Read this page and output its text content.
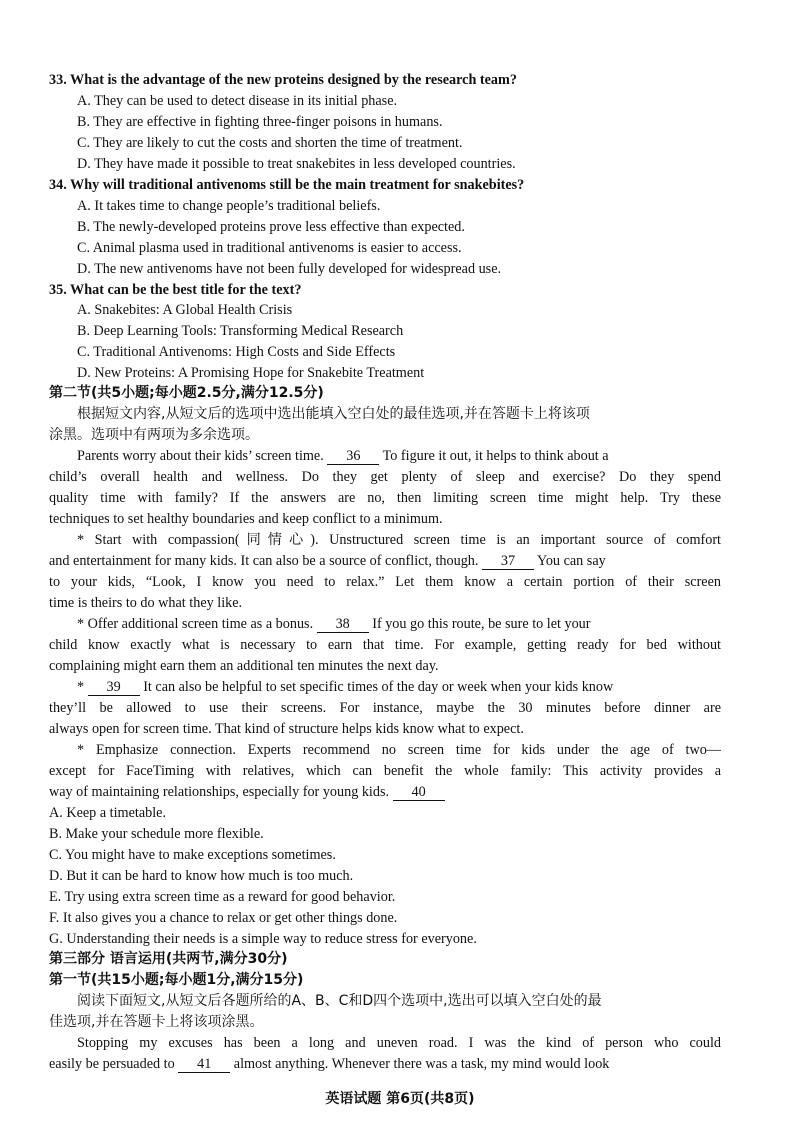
33. What is the advantage of the new proteins designed by the research team?
A. They can be used to detect disease in its initial phase.
B. They are effective in fighting three-finger poisons in humans.
C. They are likely to cut the costs and shorten the time of treatment.
D. They have made it possible to treat snakebites in less developed countries.
34. Why will traditional antivenoms still be the main treatment for snakebites?
A. It takes time to change people’s traditional beliefs.
B. The newly-developed proteins prove less effective than expected.
C. Animal plasma used in traditional antivenoms is easier to access.
D. The new antivenoms have not been fully developed for widespread use.
35. What can be the best title for the text?
A. Snakebites: A Global Health Crisis
B. Deep Learning Tools: Transforming Medical Research
C. Traditional Antivenoms: High Costs and Side Effects
D. New Proteins: A Promising Hope for Snakebite Treatment
第二节(共5小题;每小题2.5分,满分12.5分)
根据短文内容,从短文后的选项中选出能填入空白处的最佳选项,并在答题卡上将该项
涂黑。选项中有两项为多余选项。
Parents worry about their kids’ screen time. 36 To figure it out, it helps to think about a
child’s overall health and wellness. Do they get plenty of sleep and exercise? Do they spend
quality time with family? If the answers are no, then limiting screen time might help. Try these
techniques to set healthy boundaries and keep conflict to a minimum.
* Start with compassion(同情心). Unstructured screen time is an important source of comfort
and entertainment for many kids. It can also be a source of conflict, though. 37 You can say
to your kids, “Look, I know you need to relax.” Let them know a certain portion of their screen
time is theirs to do what they like.
* Offer additional screen time as a bonus. 38 If you go this route, be sure to let your
child know exactly what is necessary to earn that time. For example, getting ready for bed without
complaining might earn them an additional ten minutes the next day.
* 39 It can also be helpful to set specific times of the day or week when your kids know
they’ll be allowed to use their screens. For instance, maybe the 30 minutes before dinner are
always open for screen time. That kind of structure helps kids know what to expect.
* Emphasize connection. Experts recommend no screen time for kids under the age of two—
except for FaceTiming with relatives, which can benefit the whole family: This activity provides a
way of maintaining relationships, especially for young kids. 40
A. Keep a timetable.
B. Make your schedule more flexible.
C. You might have to make exceptions sometimes.
D. But it can be hard to know how much is too much.
E. Try using extra screen time as a reward for good behavior.
F. It also gives you a chance to relax or get other things done.
G. Understanding their needs is a simple way to reduce stress for everyone.
第三部分 语言运用(共两节,满分30分)
第一节(共15小题;每小题1分,满分15分)
阅读下面短文,从短文后各题所给的A、B、C和D四个选项中,选出可以填入空白处的最
佳选项,并在答题卡上将该项涂黑。
Stopping my excuses has been a long and uneven road. I was the kind of person who could
easily be persuaded to 41 almost anything. Whenever there was a task, my mind would look
英语试题 第6页(共8页)
